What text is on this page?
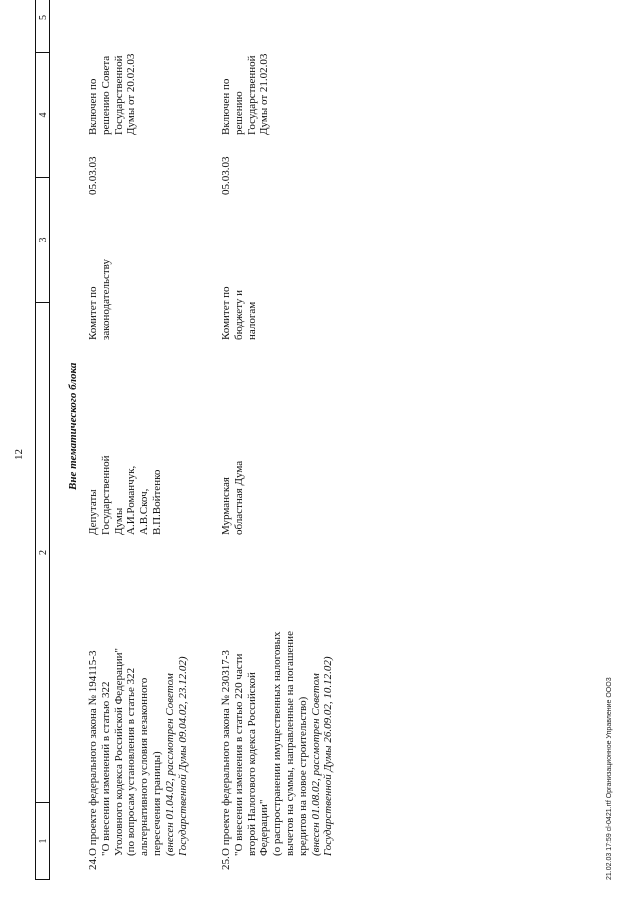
12
1
2
3
4
5
Вне тематического блока
24.
О проекте федерального закона № 194115-3 "О внесении изменений в статью 322 Уголовного кодекса Российской Федерации" (по вопросам установления в статье 322 альтернативного условия незаконного пересечения границы) (внесен 01.04.02, рассмотрен Советом Государственной Думы 09.04.02, 23.12.02)
Депутаты Государственной Думы А.И.Романчук, А.В.Скоч, В.П.Войтенко
Комитет по законодательству
05.03.03
Включен по решению Совета Государственной Думы от 20.02.03
25.
О проекте федерального закона № 230317-3 "О внесении изменения в статью 220 части второй Налогового кодекса Российской Федерации" (о распространении имущественных налоговых вычетов на суммы, направленные на погашение кредитов на новое строительство) (внесен 01.08.02, рассмотрен Советом Государственной Думы 26.09.02, 10.12.02)
Мурманская областная Дума
Комитет по бюджету и налогам
05.03.03
Включен по решению Государственной Думы от 21.02.03
21.02.03 17:59 cl-0421.rtf Организационное Управление ООО3
